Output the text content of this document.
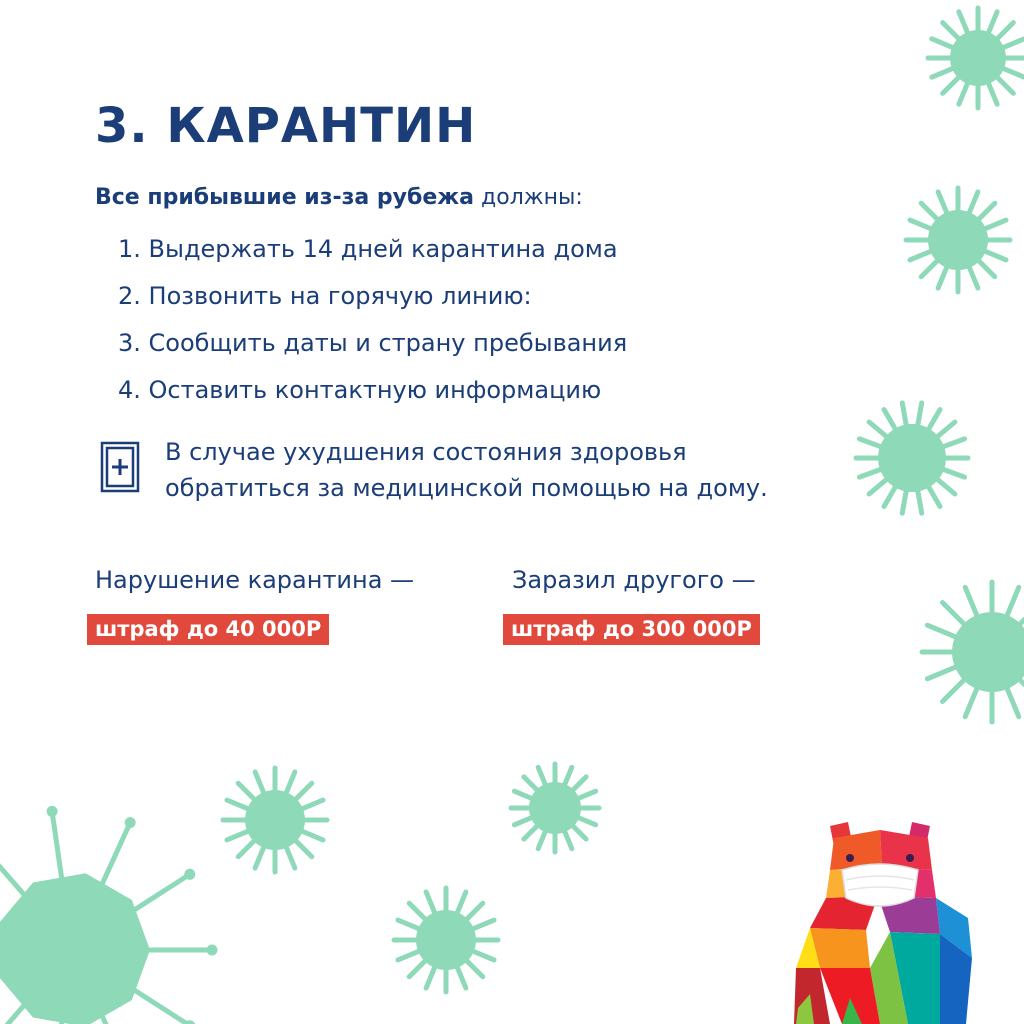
3. КАРАНТИН
Все прибывшие из-за рубежа должны:
1. Выдержать 14 дней карантина дома
2. Позвонить на горячую линию:
3. Сообщить даты и страну пребывания
4. Оставить контактную информацию
В случае ухудшения состояния здоровья
обратиться за медицинской помощью на дому.
Нарушение карантина —
штраф до 40 000Р
Заразил другого —
штраф до 300 000Р
